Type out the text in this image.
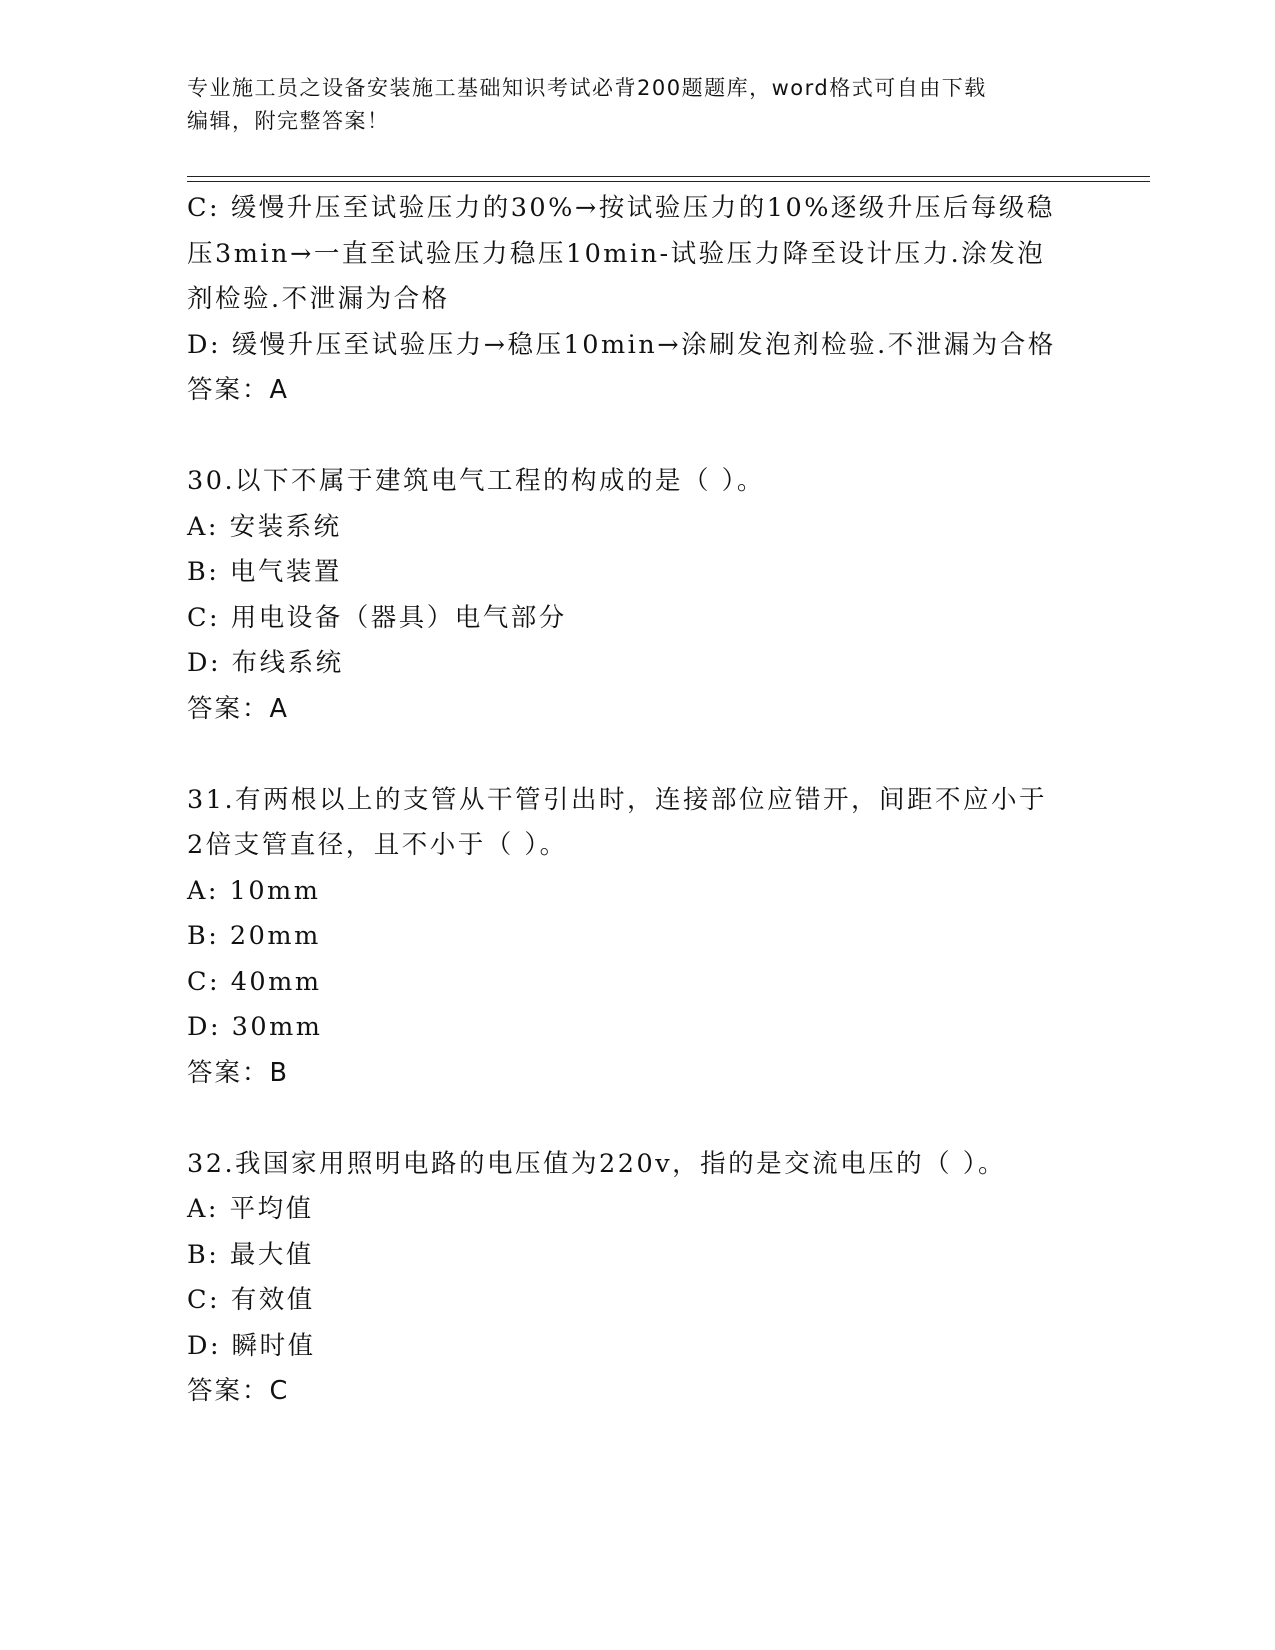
专业施工员之设备安装施工基础知识考试必背200题题库，word格式可自由下载
编辑，附完整答案！
C: 缓慢升压至试验压力的30%→按试验压力的10%逐级升压后每级稳
压3min→一直至试验压力稳压10min-试验压力降至设计压力.涂发泡
剂检验.不泄漏为合格
D: 缓慢升压至试验压力→稳压10min→涂刷发泡剂检验.不泄漏为合格
答案：A
30.以下不属于建筑电气工程的构成的是（ ）。
A: 安装系统
B: 电气装置
C: 用电设备（器具）电气部分
D: 布线系统
答案：A
31.有两根以上的支管从干管引出时，连接部位应错开，间距不应小于
2倍支管直径，且不小于（ ）。
A: 10mm
B: 20mm
C: 40mm
D: 30mm
答案：B
32.我国家用照明电路的电压值为220v，指的是交流电压的（ ）。
A: 平均值
B: 最大值
C: 有效值
D: 瞬时值
答案：C
